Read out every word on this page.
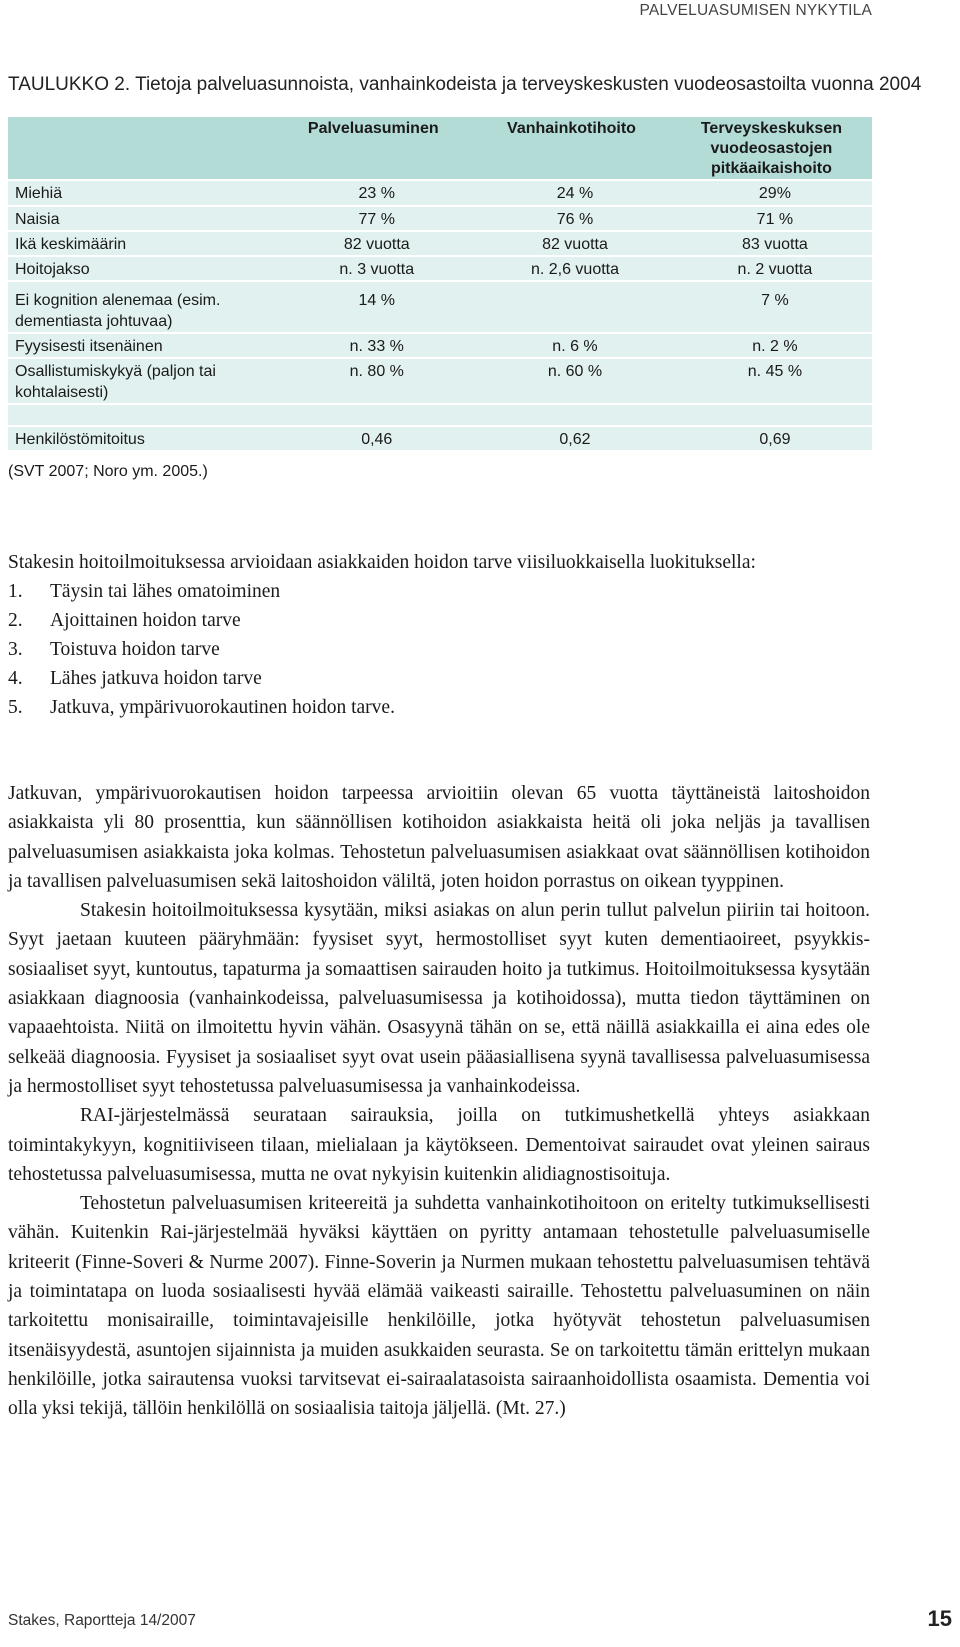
PALVELUASUMISEN NYKYTILA
TAULUKKO 2. Tietoja palveluasunnoista, vanhainkodeista ja terveyskeskusten vuodeosastoilta vuonna 2004
	Palveluasuminen	Vanhainkotihoito	Terveyskeskuksen vuodeosastojen pitkäaikaishoito
Miehiä	23 %	24 %	29%
Naisia	77 %	76 %	71 %
Ikä keskimäärin	82 vuotta	82 vuotta	83 vuotta
Hoitojakso	n. 3 vuotta	n. 2,6 vuotta	n. 2 vuotta
Ei kognition alenemaa (esim. dementiasta johtuvaa)	14 %		7 %
Fyysisesti itsenäinen	n. 33 %	n. 6 %	n. 2 %
Osallistumiskykyä (paljon tai kohtalaisesti)	n. 80 %	n. 60 %	n. 45 %

Henkilöstömitoitus	0,46	0,62	0,69
(SVT 2007; Noro ym. 2005.)

Stakesin hoitoilmoituksessa arvioidaan asiakkaiden hoidon tarve viisiluokkaisella luokituksella:

1.	Täysin tai lähes omatoiminen
2.	Ajoittainen hoidon tarve
3.	Toistuva hoidon tarve
4.	Lähes jatkuva hoidon tarve
5.	Jatkuva, ympärivuorokautinen hoidon tarve.

Jatkuvan, ympärivuorokautisen hoidon tarpeessa arvioitiin olevan 65 vuotta täyttäneistä laitoshoidon asiakkaista yli 80 prosenttia, kun säännöllisen kotihoidon asiakkaista heitä oli joka neljäs ja tavallisen palveluasumisen asiakkaista joka kolmas. Tehostetun palveluasumisen asiakkaat ovat säännöllisen kotihoidon ja tavallisen palveluasumisen sekä laitoshoidon väliltä, joten hoidon porrastus on oikean tyyppinen.

Stakesin hoitoilmoituksessa kysytään, miksi asiakas on alun perin tullut palvelun piiriin tai hoitoon. Syyt jaetaan kuuteen pääryhmään: fyysiset syyt, hermostolliset syyt kuten dementiaoireet, psyykkis-sosiaaliset syyt, kuntoutus, tapaturma ja somaattisen sairauden hoito ja tutkimus. Hoitoilmoituksessa kysytään asiakkaan diagnoosia (vanhainkodeissa, palveluasumisessa ja kotihoidossa), mutta tiedon täyttäminen on vapaaehtoista. Niitä on ilmoitettu hyvin vähän. Osasyynä tähän on se, että näillä asiakkailla ei aina edes ole selkeää diagnoosia. Fyysiset ja sosiaaliset syyt ovat usein pääasiallisena syynä tavallisessa palveluasumisessa ja hermostolliset syyt tehostetussa palveluasumisessa ja vanhainkodeissa.

RAI-järjestelmässä seurataan sairauksia, joilla on tutkimushetkellä yhteys asiakkaan toimintakykyyn, kognitiiviseen tilaan, mielialaan ja käytökseen. Dementoivat sairaudet ovat yleinen sairaus tehostetussa palveluasumisessa, mutta ne ovat nykyisin kuitenkin alidiagnostisoituja.

Tehostetun palveluasumisen kriteereitä ja suhdetta vanhainkotihoitoon on eritelty tutkimuksellisesti vähän. Kuitenkin Rai-järjestelmää hyväksi käyttäen on pyritty antamaan tehostetulle palveluasumiselle kriteerit (Finne-Soveri & Nurme 2007). Finne-Soverin ja Nurmen mukaan tehostettu palveluasumisen tehtävä ja toimintatapa on luoda sosiaalisesti hyvää elämää vaikeasti sairaille. Tehostettu palveluasuminen on näin tarkoitettu monisairaille, toimintavajeisille henkilöille, jotka hyötyvät tehostetun palveluasumisen itsenäisyydestä, asuntojen sijainnista ja muiden asukkaiden seurasta. Se on tarkoitettu tämän erittelyn mukaan henkilöille, jotka sairautensa vuoksi tarvitsevat ei-sairaalatasoista sairaanhoidollista osaamista. Dementia voi olla yksi tekijä, tällöin henkilöllä on sosiaalisia taitoja jäljellä. (Mt. 27.)

Stakes, Raportteja 14/2007	15
